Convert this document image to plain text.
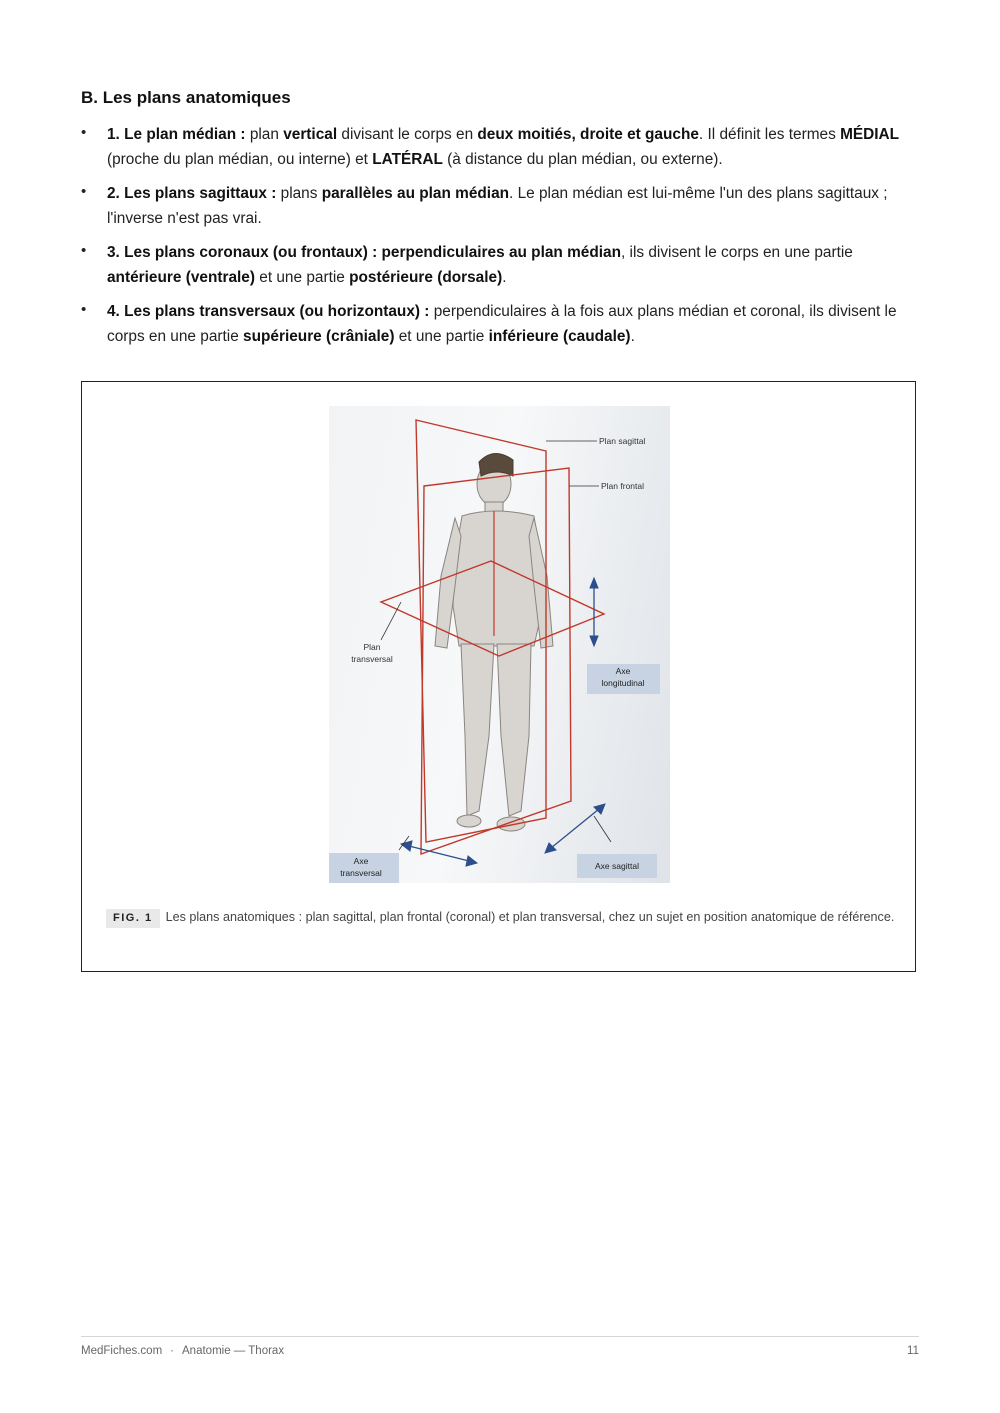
B. Les plans anatomiques
• 1. Le plan médian : plan vertical divisant le corps en deux moitiés, droite et gauche. Il définit les termes MÉDIAL (proche du plan médian, ou interne) et LATÉRAL (à distance du plan médian, ou externe).
• 2. Les plans sagittaux : plans parallèles au plan médian. Le plan médian est lui-même l'un des plans sagittaux ; l'inverse n'est pas vrai.
• 3. Les plans coronaux (ou frontaux) : perpendiculaires au plan médian, ils divisent le corps en une partie antérieure (ventrale) et une partie postérieure (dorsale).
• 4. Les plans transversaux (ou horizontaux) : perpendiculaires à la fois aux plans médian et coronal, ils divisent le corps en une partie supérieure (crâniale) et une partie inférieure (caudale).
Plan sagittal
Plan frontal
Plan
transversal
Axe
longitudinal
Axe
transversal
Axe sagittal
FIG. 1 Les plans anatomiques : plan sagittal, plan frontal (coronal) et plan transversal, chez un sujet en position anatomique de référence.
MedFiches.com · Anatomie — Thorax	11
